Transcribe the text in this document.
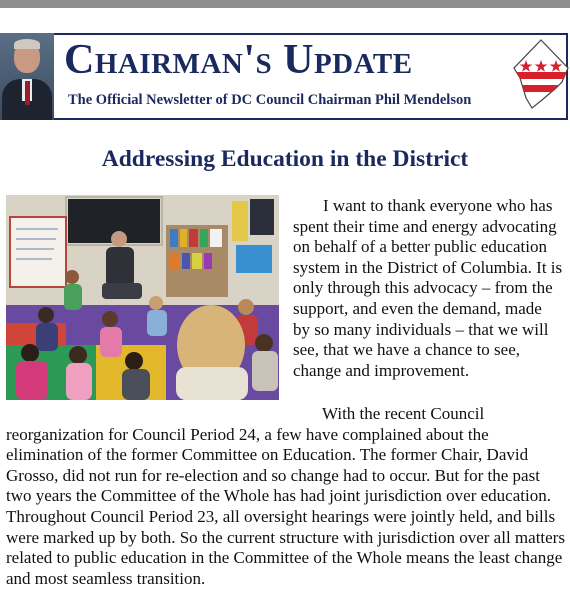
Chairman's Update
The Official Newsletter of DC Council Chairman Phil Mendelson
Addressing Education in the District
I want to thank everyone who has spent their time and energy advocating on behalf of a better public education system in the District of Columbia. It is only through this advocacy – from the support, and even the demand, made by so many individuals – that we will see, that we have a chance to see, change and improvement.
With the recent Council reorganization for Council Period 24, a few have complained about the elimination of the former Committee on Education. The former Chair, David Grosso, did not run for re-election and so change had to occur. But for the past two years the Committee of the Whole has had joint jurisdiction over education. Throughout Council Period 23, all oversight hearings were jointly held, and bills were marked up by both. So the current structure with jurisdiction over all matters related to public education in the Committee of the Whole means the least change and most seamless transition.
